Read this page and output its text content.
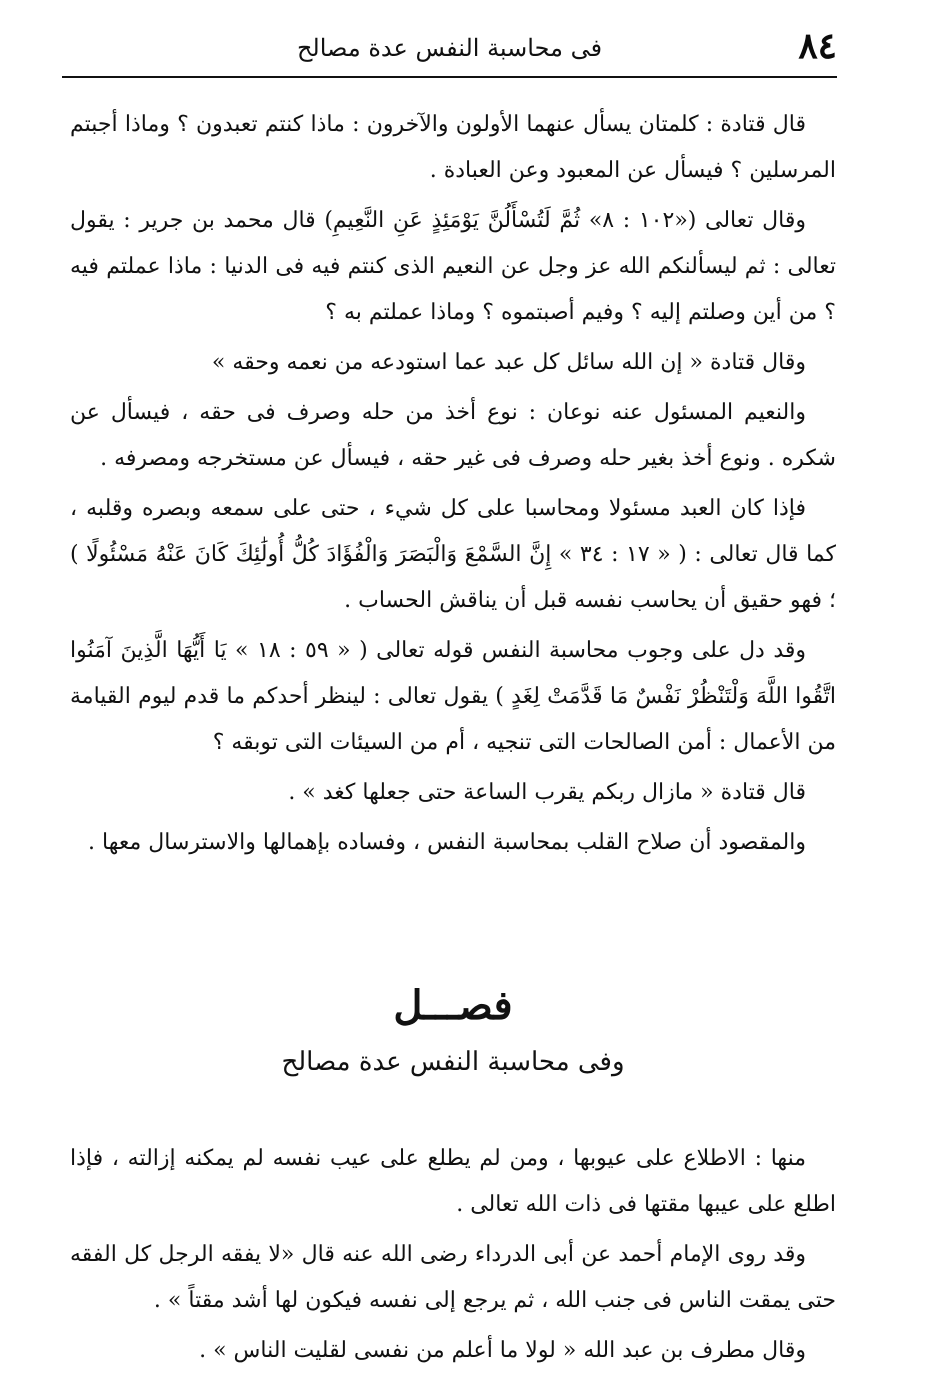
٨٤
فى محاسبة النفس عدة مصالح

قال قتادة : كلمتان يسأل عنهما الأولون والآخرون : ماذا كنتم تعبدون ؟ وماذا أجبتم المرسلين ؟ فيسأل عن المعبود وعن العبادة .

وقال تعالى («١٠٢ : ٨» ثُمَّ لَتُسْأَلُنَّ يَوْمَئِذٍ عَنِ النَّعِيمِ) قال محمد بن جرير : يقول تعالى : ثم ليسألنكم الله عز وجل عن النعيم الذى كنتم فيه فى الدنيا : ماذا عملتم فيه ؟ من أين وصلتم إليه ؟ وفيم أصبتموه ؟ وماذا عملتم به ؟

وقال قتادة « إن الله سائل كل عبد عما استودعه من نعمه وحقه »

والنعيم المسئول عنه نوعان : نوع أخذ من حله وصرف فى حقه ، فيسأل عن شكره . ونوع أخذ بغير حله وصرف فى غير حقه ، فيسأل عن مستخرجه ومصرفه .

فإذا كان العبد مسئولا ومحاسبا على كل شيء ، حتى على سمعه وبصره وقلبه ، كما قال تعالى : ( « ١٧ : ٣٤ » إِنَّ السَّمْعَ وَالْبَصَرَ وَالْفُؤَادَ كُلُّ أُولَٰئِكَ كَانَ عَنْهُ مَسْئُولًا ) ؛ فهو حقيق أن يحاسب نفسه قبل أن يناقش الحساب .

وقد دل على وجوب محاسبة النفس قوله تعالى ( « ٥٩ : ١٨ » يَا أَيُّهَا الَّذِينَ آمَنُوا اتَّقُوا اللَّهَ وَلْتَنْظُرْ نَفْسٌ مَا قَدَّمَتْ لِغَدٍ ) يقول تعالى : لينظر أحدكم ما قدم ليوم القيامة من الأعمال : أمن الصالحات التى تنجيه ، أم من السيئات التى توبقه ؟

قال قتادة « مازال ربكم يقرب الساعة حتى جعلها كغد » .

والمقصود أن صلاح القلب بمحاسبة النفس ، وفساده بإهمالها والاسترسال معها .

فصـــل

وفى محاسبة النفس عدة مصالح

منها : الاطلاع على عيوبها ، ومن لم يطلع على عيب نفسه لم يمكنه إزالته ، فإذا اطلع على عيبها مقتها فى ذات الله تعالى .

وقد روى الإمام أحمد عن أبى الدرداء رضى الله عنه قال «لا يفقه الرجل كل الفقه حتى يمقت الناس فى جنب الله ، ثم يرجع إلى نفسه فيكون لها أشد مقتاً » .

وقال مطرف بن عبد الله « لولا ما أعلم من نفسى لقليت الناس » .
